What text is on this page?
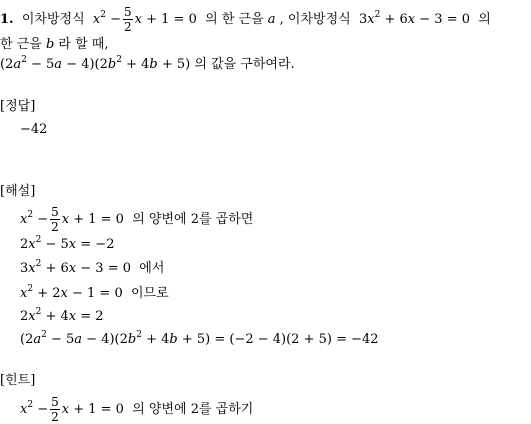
1. 이차방정식 $x^2 - \frac{5}{2}$ x + 1 = 0 의 한 근을 a , 이차방정식 $3x^2 + 6x - 3 = 0$ 의
한 근을 b 라 할 때,
$(2a^2 - 5a - 4)(2b^2 + 4b + 5)$ 의 값을 구하여라.
[정답]
−42
[해설]
$x^2 - \frac{5}{2}$ x + 1 = 0 의 양변에 2를 곱하면
$2x^2 - 5x = -2$
$3x^2 + 6x - 3 = 0$ 에서
$x^2 + 2x - 1 = 0$ 이므로
$2x^2 + 4x = 2$
$(2a^2 - 5a - 4)(2b^2 + 4b + 5) = (-2 - 4)(2 + 5) = -42$
[힌트]
$x^2 - \frac{5}{2}$ x + 1 = 0 의 양변에 2를 곱하기
